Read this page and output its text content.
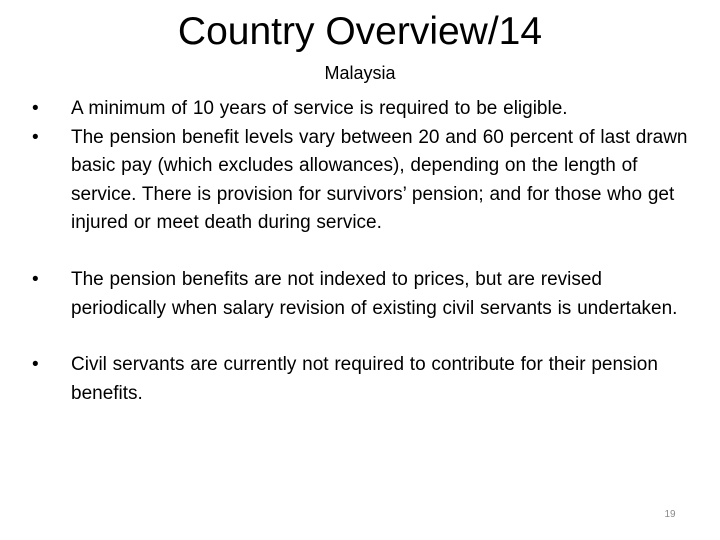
Country Overview/14
Malaysia
•	A minimum of 10 years of service is required to be eligible.
•	The pension benefit levels vary between 20 and 60 percent of last drawn basic pay (which excludes allowances), depending on the length of service. There is provision for survivors’ pension; and for those who get injured or meet death during service.
•	The pension benefits are not indexed to prices, but are revised periodically when salary revision of existing civil servants is undertaken.
•	Civil servants are currently not required to contribute for their pension benefits.
19
